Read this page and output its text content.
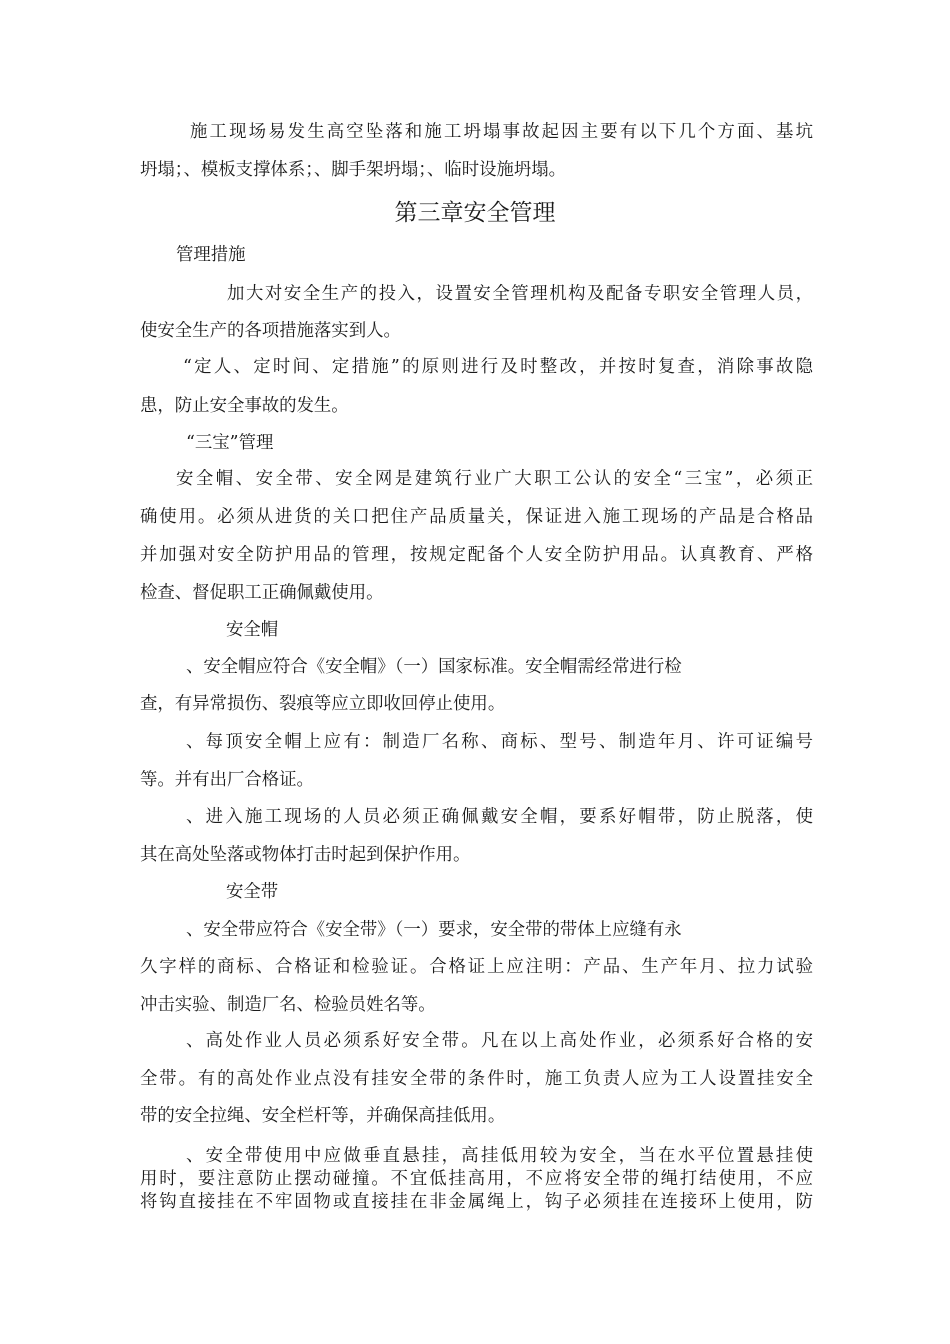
施工现场易发生高空坠落和施工坍塌事故起因主要有以下几个方面、基坑

坍塌；、模板支撑体系；、脚手架坍塌；、临时设施坍塌。

第三章安全管理

管理措施

加大对安全生产的投入，设置安全管理机构及配备专职安全管理人员，

使安全生产的各项措施落实到人。

“定人、定时间、定措施”的原则进行及时整改，并按时复查，消除事故隐

患，防止安全事故的发生。

“三宝”管理

安全帽、安全带、安全网是建筑行业广大职工公认的安全“三宝”，必须正

确使用。必须从进货的关口把住产品质量关，保证进入施工现场的产品是合格品

并加强对安全防护用品的管理，按规定配备个人安全防护用品。认真教育、严格

检查、督促职工正确佩戴使用。

安全帽

、安全帽应符合《安全帽》（一）国家标准。安全帽需经常进行检

查，有异常损伤、裂痕等应立即收回停止使用。

、每顶安全帽上应有：制造厂名称、商标、型号、制造年月、许可证编号

等。并有出厂合格证。

、进入施工现场的人员必须正确佩戴安全帽，要系好帽带，防止脱落，使

其在高处坠落或物体打击时起到保护作用。

安全带

、安全带应符合《安全带》（一）要求，安全带的带体上应缝有永

久字样的商标、合格证和检验证。合格证上应注明：产品、生产年月、拉力试验

冲击实验、制造厂名、检验员姓名等。

、高处作业人员必须系好安全带。凡在以上高处作业，必须系好合格的安

全带。有的高处作业点没有挂安全带的条件时，施工负责人应为工人设置挂安全

带的安全拉绳、安全栏杆等，并确保高挂低用。

、安全带使用中应做垂直悬挂，高挂低用较为安全，当在水平位置悬挂使

用时，要注意防止摆动碰撞。不宜低挂高用，不应将安全带的绳打结使用，不应

将钩直接挂在不牢固物或直接挂在非金属绳上，钩子必须挂在连接环上使用，防
